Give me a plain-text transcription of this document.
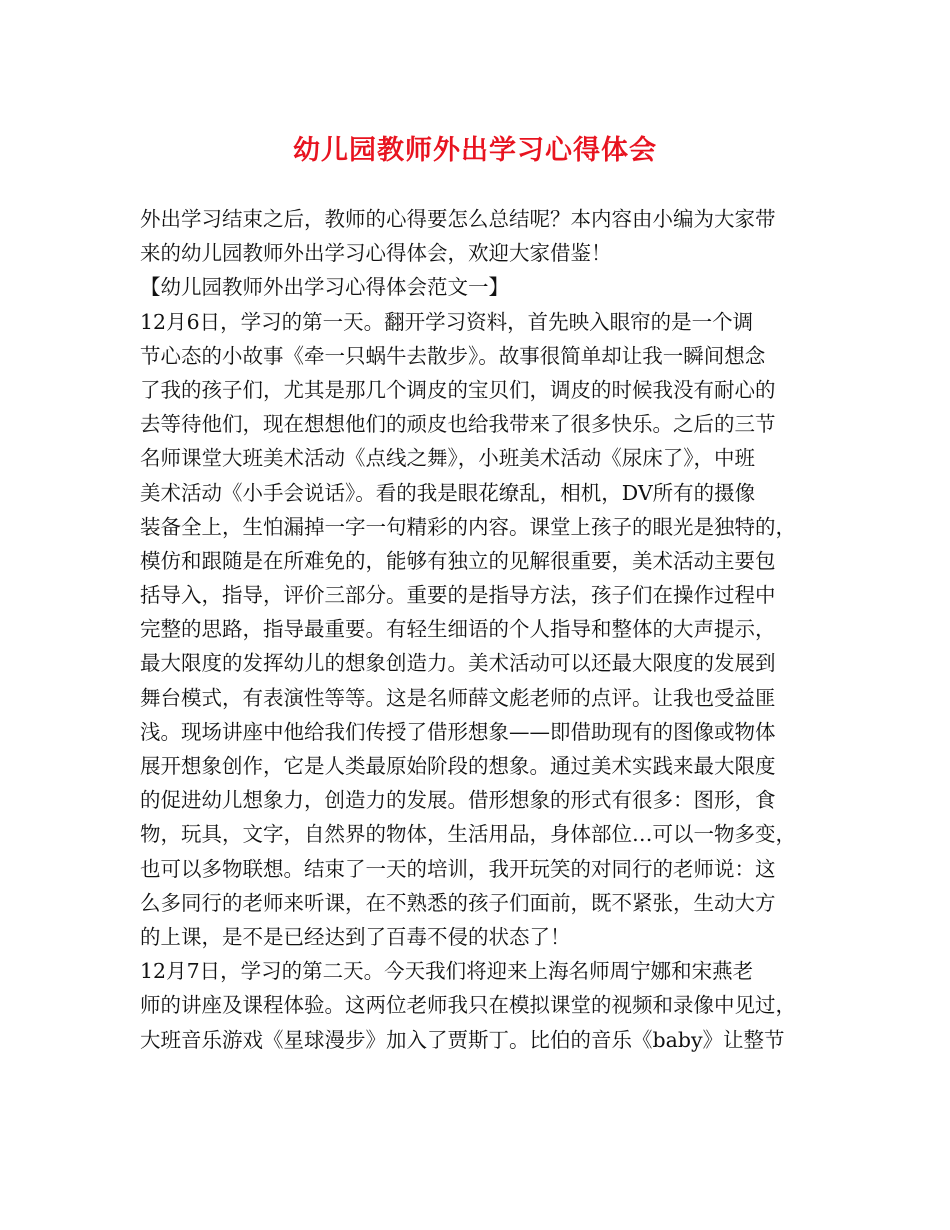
幼儿园教师外出学习心得体会
外出学习结束之后，教师的心得要怎么总结呢？本内容由小编为大家带
来的幼儿园教师外出学习心得体会，欢迎大家借鉴！
【幼儿园教师外出学习心得体会范文一】
12月6日，学习的第一天。翻开学习资料，首先映入眼帘的是一个调
节心态的小故事《牵一只蜗牛去散步》。故事很简单却让我一瞬间想念
了我的孩子们，尤其是那几个调皮的宝贝们，调皮的时候我没有耐心的
去等待他们，现在想想他们的顽皮也给我带来了很多快乐。之后的三节
名师课堂大班美术活动《点线之舞》，小班美术活动《尿床了》，中班
美术活动《小手会说话》。看的我是眼花缭乱，相机，DV所有的摄像
装备全上，生怕漏掉一字一句精彩的内容。课堂上孩子的眼光是独特的，
模仿和跟随是在所难免的，能够有独立的见解很重要，美术活动主要包
括导入，指导，评价三部分。重要的是指导方法，孩子们在操作过程中
完整的思路，指导最重要。有轻生细语的个人指导和整体的大声提示，
最大限度的发挥幼儿的想象创造力。美术活动可以还最大限度的发展到
舞台模式，有表演性等等。这是名师薛文彪老师的点评。让我也受益匪
浅。现场讲座中他给我们传授了借形想象——即借助现有的图像或物体
展开想象创作，它是人类最原始阶段的想象。通过美术实践来最大限度
的促进幼儿想象力，创造力的发展。借形想象的形式有很多：图形，食
物，玩具，文字，自然界的物体，生活用品，身体部位…可以一物多变，
也可以多物联想。结束了一天的培训，我开玩笑的对同行的老师说：这
么多同行的老师来听课，在不熟悉的孩子们面前，既不紧张，生动大方
的上课，是不是已经达到了百毒不侵的状态了！
12月7日，学习的第二天。今天我们将迎来上海名师周宁娜和宋燕老
师的讲座及课程体验。这两位老师我只在模拟课堂的视频和录像中见过，
大班音乐游戏《星球漫步》加入了贾斯丁。比伯的音乐《baby》让整节
